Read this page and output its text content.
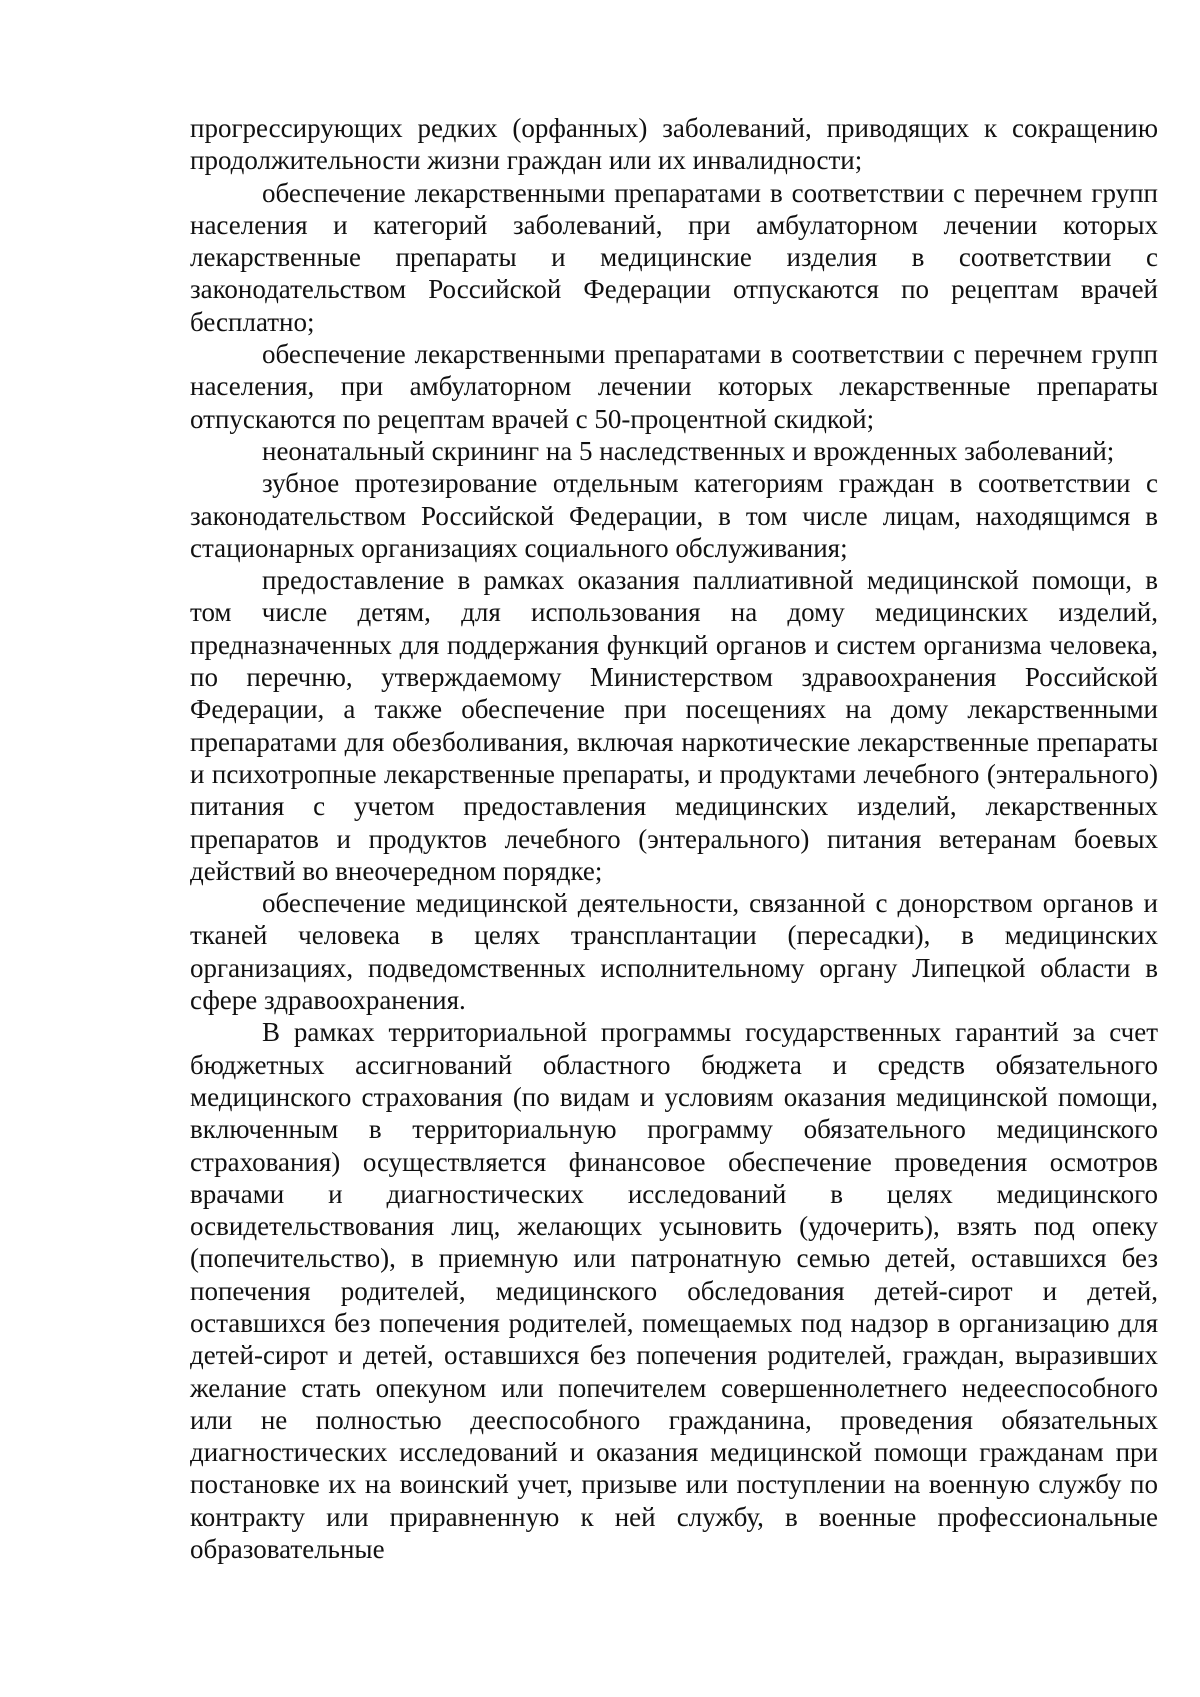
прогрессирующих редких (орфанных) заболеваний, приводящих к сокращению продолжительности жизни граждан или их инвалидности;

обеспечение лекарственными препаратами в соответствии с перечнем групп населения и категорий заболеваний, при амбулаторном лечении которых лекарственные препараты и медицинские изделия в соответствии с законодательством Российской Федерации отпускаются по рецептам врачей бесплатно;

обеспечение лекарственными препаратами в соответствии с перечнем групп населения, при амбулаторном лечении которых лекарственные препараты отпускаются по рецептам врачей с 50-процентной скидкой;

неонатальный скрининг на 5 наследственных и врожденных заболеваний;

зубное протезирование отдельным категориям граждан в соответствии с законодательством Российской Федерации, в том числе лицам, находящимся в стационарных организациях социального обслуживания;

предоставление в рамках оказания паллиативной медицинской помощи, в том числе детям, для использования на дому медицинских изделий, предназначенных для поддержания функций органов и систем организма человека, по перечню, утверждаемому Министерством здравоохранения Российской Федерации, а также обеспечение при посещениях на дому лекарственными препаратами для обезболивания, включая наркотические лекарственные препараты и психотропные лекарственные препараты, и продуктами лечебного (энтерального) питания с учетом предоставления медицинских изделий, лекарственных препаратов и продуктов лечебного (энтерального) питания ветеранам боевых действий во внеочередном порядке;

обеспечение медицинской деятельности, связанной с донорством органов и тканей человека в целях трансплантации (пересадки), в медицинских организациях, подведомственных исполнительному органу Липецкой области в сфере здравоохранения.

В рамках территориальной программы государственных гарантий за счет бюджетных ассигнований областного бюджета и средств обязательного медицинского страхования (по видам и условиям оказания медицинской помощи, включенным в территориальную программу обязательного медицинского страхования) осуществляется финансовое обеспечение проведения осмотров врачами и диагностических исследований в целях медицинского освидетельствования лиц, желающих усыновить (удочерить), взять под опеку (попечительство), в приемную или патронатную семью детей, оставшихся без попечения родителей, медицинского обследования детей-сирот и детей, оставшихся без попечения родителей, помещаемых под надзор в организацию для детей-сирот и детей, оставшихся без попечения родителей, граждан, выразивших желание стать опекуном или попечителем совершеннолетнего недееспособного или не полностью дееспособного гражданина, проведения обязательных диагностических исследований и оказания медицинской помощи гражданам при постановке их на воинский учет, призыве или поступлении на военную службу по контракту или приравненную к ней службу, в военные профессиональные образовательные
